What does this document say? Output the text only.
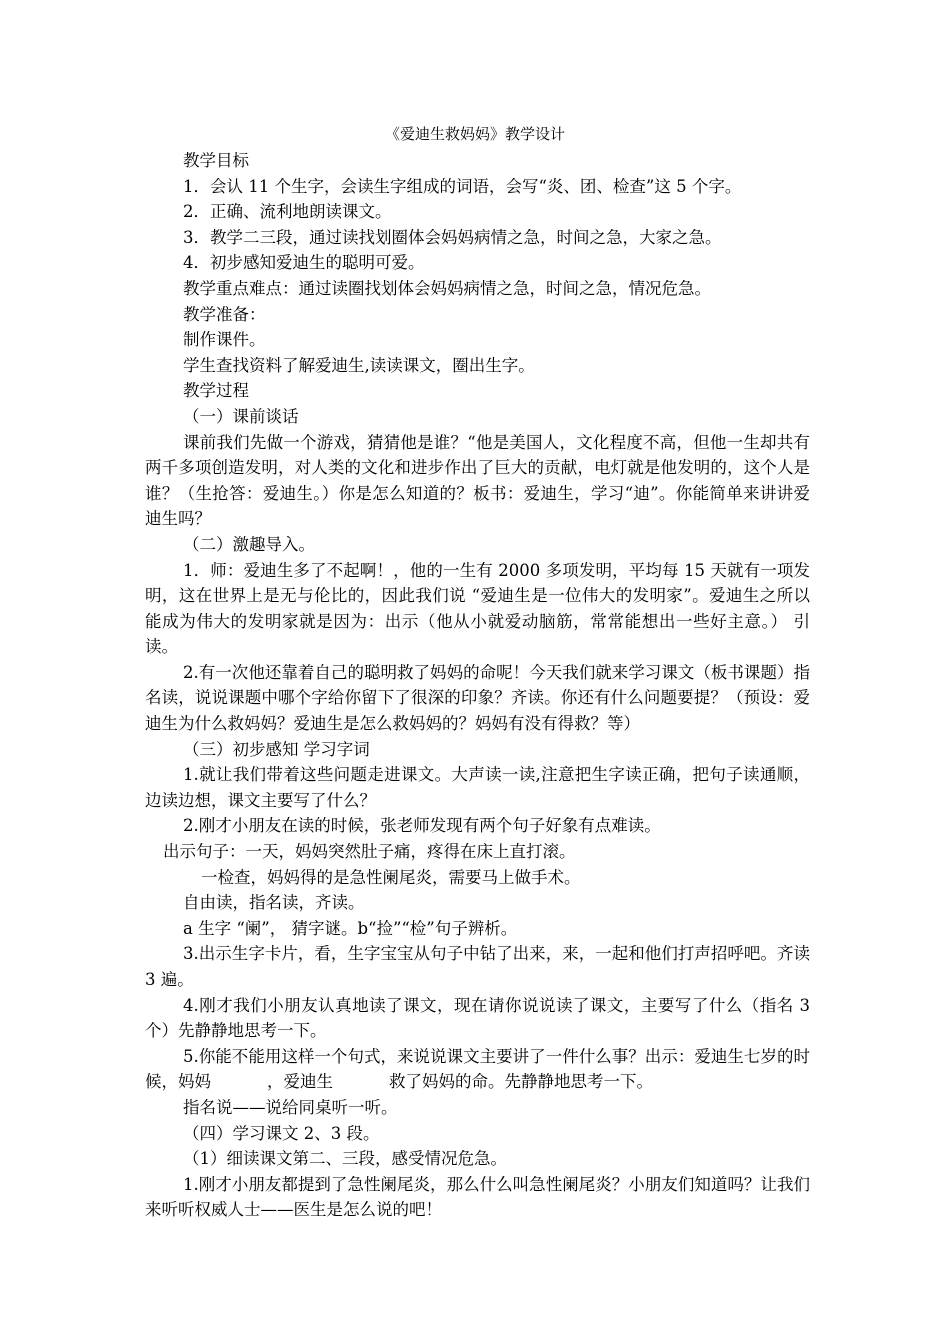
《爱迪生救妈妈》教学设计

教学目标

1．会认 11 个生字，会读生字组成的词语，会写“炎、团、检查”这 5 个字。

2．正确、流利地朗读课文。

3．教学二三段，通过读找划圈体会妈妈病情之急，时间之急，大家之急。

4．初步感知爱迪生的聪明可爱。

教学重点难点：通过读圈找划体会妈妈病情之急，时间之急，情况危急。

教学准备：

制作课件。

学生查找资料了解爱迪生,读读课文，圈出生字。

教学过程

（一）课前谈话

课前我们先做一个游戏，猜猜他是谁？“他是美国人，文化程度不高，但他一生却共有两千多项创造发明，对人类的文化和进步作出了巨大的贡献，电灯就是他发明的，这个人是谁？（生抢答：爱迪生。）你是怎么知道的？板书：爱迪生，学习“迪”。你能简单来讲讲爱迪生吗？

（二）激趣导入。

1．师：爱迪生多了不起啊！，他的一生有 2000 多项发明，平均每 15 天就有一项发明，这在世界上是无与伦比的，因此我们说 “爱迪生是一位伟大的发明家”。爱迪生之所以能成为伟大的发明家就是因为：出示（他从小就爱动脑筋，常常能想出一些好主意。） 引读。

2.有一次他还靠着自己的聪明救了妈妈的命呢！今天我们就来学习课文（板书课题）指名读，说说课题中哪个字给你留下了很深的印象？齐读。你还有什么问题要提？（预设：爱迪生为什么救妈妈？爱迪生是怎么救妈妈的？妈妈有没有得救？等）

（三）初步感知 学习字词

1.就让我们带着这些问题走进课文。大声读一读,注意把生字读正确，把句子读通顺，边读边想，课文主要写了什么？

2.刚才小朋友在读的时候，张老师发现有两个句子好象有点难读。

出示句子：一天，妈妈突然肚子痛，疼得在床上直打滚。

一检查，妈妈得的是急性阑尾炎，需要马上做手术。

自由读，指名读，齐读。

a 生字 “阑”， 猜字谜。b“捡”“检”句子辨析。

3.出示生字卡片，看，生字宝宝从句子中钻了出来，来，一起和他们打声招呼吧。齐读 3 遍。

4.刚才我们小朋友认真地读了课文，现在请你说说读了课文，主要写了什么（指名 3 个）先静静地思考一下。

5.你能不能用这样一个句式，来说说课文主要讲了一件什么事？出示：爱迪生七岁的时候，妈妈	，爱迪生	救了妈妈的命。先静静地思考一下。

指名说——说给同桌听一听。

（四）学习课文 2、3 段。

（1）细读课文第二、三段，感受情况危急。

1.刚才小朋友都提到了急性阑尾炎，那么什么叫急性阑尾炎？小朋友们知道吗？让我们来听听权威人士——医生是怎么说的吧！
